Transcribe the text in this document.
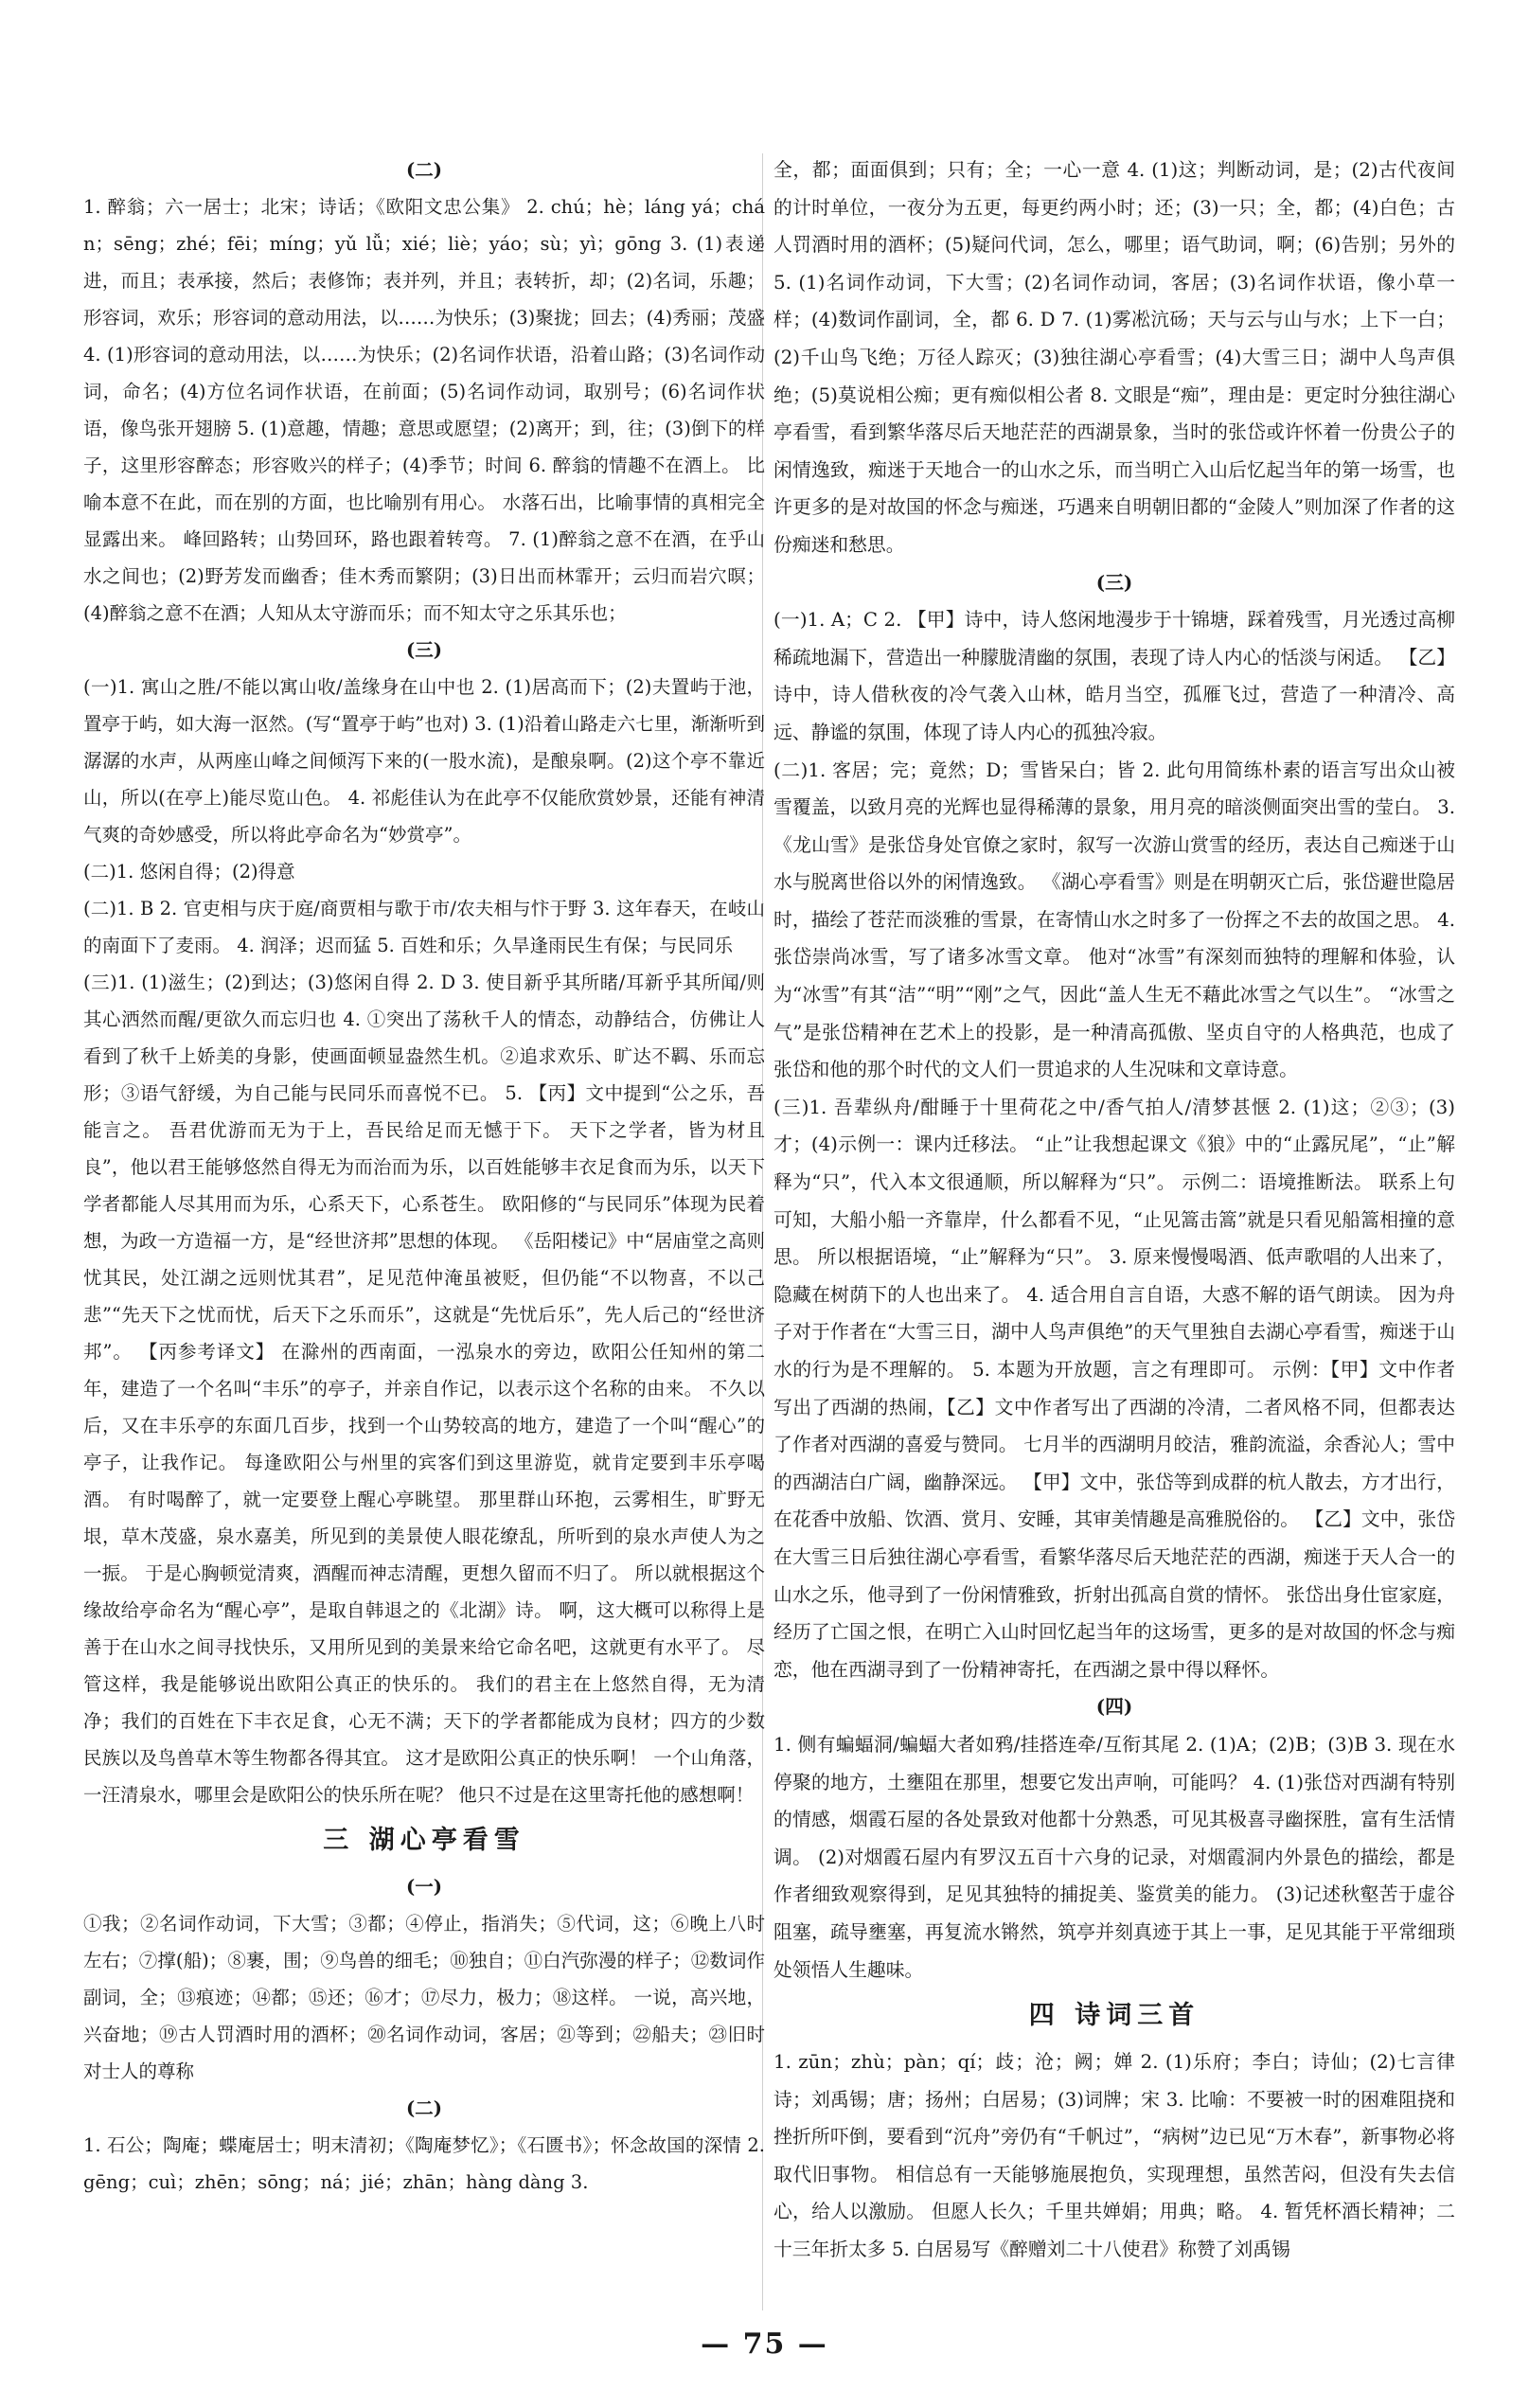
(二)
1. 醉翁；六一居士；北宋；诗话；《欧阳文忠公集》 2. chú；hè；láng yá；chán；sēng；zhé；fēi；míng；yǔ lǚ；xié；liè；yáo；sù；yì；gōng 3. (1)表递进，而且；表承接，然后；表修饰；表并列，并且；表转折，却；(2)名词，乐趣；形容词，欢乐；形容词的意动用法，以……为快乐；(3)聚拢；回去；(4)秀丽；茂盛 4. (1)形容词的意动用法，以……为快乐；(2)名词作状语，沿着山路；(3)名词作动词，命名；(4)方位名词作状语，在前面；(5)名词作动词，取别号；(6)名词作状语，像鸟张开翅膀 5. (1)意趣，情趣；意思或愿望；(2)离开；到，往；(3)倒下的样子，这里形容醉态；形容败兴的样子；(4)季节；时间 6. 醉翁的情趣不在酒上。 比喻本意不在此，而在别的方面，也比喻别有用心。 水落石出，比喻事情的真相完全显露出来。 峰回路转；山势回环，路也跟着转弯。 7. (1)醉翁之意不在酒，在乎山水之间也；(2)野芳发而幽香；佳木秀而繁阴；(3)日出而林霏开；云归而岩穴暝；(4)醉翁之意不在酒；人知从太守游而乐；而不知太守之乐其乐也；
(三)
(一)1. 寓山之胜/不能以寓山收/盖缘身在山中也 2. (1)居高而下；(2)夫置屿于池，置亭于屿，如大海一沤然。(写“置亭于屿”也对) 3. (1)沿着山路走六七里，渐渐听到潺潺的水声，从两座山峰之间倾泻下来的(一股水流)，是酿泉啊。(2)这个亭不靠近山，所以(在亭上)能尽览山色。 4. 祁彪佳认为在此亭不仅能欣赏妙景，还能有神清气爽的奇妙感受，所以将此亭命名为“妙赏亭”。
(二)1. 悠闲自得；(2)得意
(二)1. B 2. 官吏相与庆于庭/商贾相与歌于市/农夫相与忭于野 3. 这年春天，在岐山的南面下了麦雨。 4. 润泽；迟而猛 5. 百姓和乐；久旱逢雨民生有保；与民同乐
(三)1. (1)滋生；(2)到达；(3)悠闲自得 2. D 3. 使目新乎其所睹/耳新乎其所闻/则其心洒然而醒/更欲久而忘归也 4. ①突出了荡秋千人的情态，动静结合，仿佛让人看到了秋千上娇美的身影，使画面顿显盎然生机。②追求欢乐、旷达不羁、乐而忘形；③语气舒缓，为自己能与民同乐而喜悦不已。 5. 【丙】文中提到“公之乐，吾能言之。 吾君优游而无为于上，吾民给足而无憾于下。 天下之学者，皆为材且良”，他以君王能够悠然自得无为而治而为乐，以百姓能够丰衣足食而为乐，以天下学者都能人尽其用而为乐，心系天下，心系苍生。 欧阳修的“与民同乐”体现为民着想，为政一方造福一方，是“经世济邦”思想的体现。 《岳阳楼记》中“居庙堂之高则忧其民，处江湖之远则忧其君”，足见范仲淹虽被贬，但仍能“不以物喜，不以己悲”“先天下之忧而忧，后天下之乐而乐”，这就是“先忧后乐”，先人后己的“经世济邦”。 【丙参考译文】 在滁州的西南面，一泓泉水的旁边，欧阳公任知州的第二年，建造了一个名叫“丰乐”的亭子，并亲自作记，以表示这个名称的由来。 不久以后，又在丰乐亭的东面几百步，找到一个山势较高的地方，建造了一个叫“醒心”的亭子，让我作记。 每逢欧阳公与州里的宾客们到这里游览，就肯定要到丰乐亭喝酒。 有时喝醉了，就一定要登上醒心亭眺望。 那里群山环抱，云雾相生，旷野无垠，草木茂盛，泉水嘉美，所见到的美景使人眼花缭乱，所听到的泉水声使人为之一振。 于是心胸顿觉清爽，酒醒而神志清醒，更想久留而不归了。 所以就根据这个缘故给亭命名为“醒心亭”，是取自韩退之的《北湖》诗。 啊，这大概可以称得上是善于在山水之间寻找快乐，又用所见到的美景来给它命名吧，这就更有水平了。 尽管这样，我是能够说出欧阳公真正的快乐的。 我们的君主在上悠然自得，无为清净；我们的百姓在下丰衣足食，心无不满；天下的学者都能成为良材；四方的少数民族以及鸟兽草木等生物都各得其宜。 这才是欧阳公真正的快乐啊！ 一个山角落，一汪清泉水，哪里会是欧阳公的快乐所在呢？ 他只不过是在这里寄托他的感想啊！
三 湖心亭看雪
(一)
①我；②名词作动词，下大雪；③都；④停止，指消失；⑤代词，这；⑥晚上八时左右；⑦撑(船)；⑧裹，围；⑨鸟兽的细毛；⑩独自；⑪白汽弥漫的样子；⑫数词作副词，全；⑬痕迹；⑭都；⑮还；⑯才；⑰尽力，极力；⑱这样。 一说，高兴地，兴奋地；⑲古人罚酒时用的酒杯；⑳名词作动词，客居；㉑等到；㉒船夫；㉓旧时对士人的尊称
(二)
1. 石公；陶庵；蝶庵居士；明末清初；《陶庵梦忆》；《石匮书》；怀念故国的深情 2. gēng；cuì；zhēn；sōng；ná；jié；zhān；hàng dàng 3.
全，都；面面俱到；只有；全；一心一意 4. (1)这；判断动词，是；(2)古代夜间的计时单位，一夜分为五更，每更约两小时；还；(3)一只；全，都；(4)白色；古人罚酒时用的酒杯；(5)疑问代词，怎么，哪里；语气助词，啊；(6)告别；另外的 5. (1)名词作动词，下大雪；(2)名词作动词，客居；(3)名词作状语，像小草一样；(4)数词作副词，全，都 6. D 7. (1)雾凇沆砀；天与云与山与水；上下一白；(2)千山鸟飞绝；万径人踪灭；(3)独往湖心亭看雪；(4)大雪三日；湖中人鸟声俱绝；(5)莫说相公痴；更有痴似相公者 8. 文眼是“痴”，理由是：更定时分独往湖心亭看雪，看到繁华落尽后天地茫茫的西湖景象，当时的张岱或许怀着一份贵公子的闲情逸致，痴迷于天地合一的山水之乐，而当明亡入山后忆起当年的第一场雪，也许更多的是对故国的怀念与痴迷，巧遇来自明朝旧都的“金陵人”则加深了作者的这份痴迷和愁思。
(三)
(一)1. A；C 2. 【甲】诗中，诗人悠闲地漫步于十锦塘，踩着残雪，月光透过高柳稀疏地漏下，营造出一种朦胧清幽的氛围，表现了诗人内心的恬淡与闲适。 【乙】诗中，诗人借秋夜的冷气袭入山林，皓月当空，孤雁飞过，营造了一种清冷、高远、静谧的氛围，体现了诗人内心的孤独冷寂。
(二)1. 客居；完；竟然；D；雪皆呆白；皆 2. 此句用简练朴素的语言写出众山被雪覆盖，以致月亮的光辉也显得稀薄的景象，用月亮的暗淡侧面突出雪的莹白。 3. 《龙山雪》是张岱身处官僚之家时，叙写一次游山赏雪的经历，表达自己痴迷于山水与脱离世俗以外的闲情逸致。 《湖心亭看雪》则是在明朝灭亡后，张岱避世隐居时，描绘了苍茫而淡雅的雪景，在寄情山水之时多了一份挥之不去的故国之思。 4. 张岱崇尚冰雪，写了诸多冰雪文章。 他对“冰雪”有深刻而独特的理解和体验，认为“冰雪”有其“洁”“明”“刚”之气，因此“盖人生无不藉此冰雪之气以生”。 “冰雪之气”是张岱精神在艺术上的投影，是一种清高孤傲、坚贞自守的人格典范，也成了张岱和他的那个时代的文人们一贯追求的人生况味和文章诗意。
(三)1. 吾辈纵舟/酣睡于十里荷花之中/香气拍人/清梦甚惬 2. (1)这；②③；(3)才；(4)示例一：课内迁移法。 “止”让我想起课文《狼》中的“止露尻尾”，“止”解释为“只”，代入本文很通顺，所以解释为“只”。 示例二：语境推断法。 联系上句可知，大船小船一齐靠岸，什么都看不见，“止见篙击篙”就是只看见船篙相撞的意思。 所以根据语境，“止”解释为“只”。 3. 原来慢慢喝酒、低声歌唱的人出来了，隐藏在树荫下的人也出来了。 4. 适合用自言自语，大惑不解的语气朗读。 因为舟子对于作者在“大雪三日，湖中人鸟声俱绝”的天气里独自去湖心亭看雪，痴迷于山水的行为是不理解的。 5. 本题为开放题，言之有理即可。 示例：【甲】文中作者写出了西湖的热闹，【乙】文中作者写出了西湖的冷清，二者风格不同，但都表达了作者对西湖的喜爱与赞同。 七月半的西湖明月皎洁，雅韵流溢，余香沁人；雪中的西湖洁白广阔，幽静深远。 【甲】文中，张岱等到成群的杭人散去，方才出行，在花香中放船、饮酒、赏月、安睡，其审美情趣是高雅脱俗的。 【乙】文中，张岱在大雪三日后独往湖心亭看雪，看繁华落尽后天地茫茫的西湖，痴迷于天人合一的山水之乐，他寻到了一份闲情雅致，折射出孤高自赏的情怀。 张岱出身仕宦家庭，经历了亡国之恨，在明亡入山时回忆起当年的这场雪，更多的是对故国的怀念与痴恋，他在西湖寻到了一份精神寄托，在西湖之景中得以释怀。
(四)
1. 侧有蝙蝠洞/蝙蝠大者如鸦/挂搭连牵/互衔其尾 2. (1)A；(2)B；(3)B 3. 现在水停聚的地方，土壅阻在那里，想要它发出声响，可能吗？ 4. (1)张岱对西湖有特别的情感，烟霞石屋的各处景致对他都十分熟悉，可见其极喜寻幽探胜，富有生活情调。 (2)对烟霞石屋内有罗汉五百十六身的记录，对烟霞洞内外景色的描绘，都是作者细致观察得到，足见其独特的捕捉美、鉴赏美的能力。 (3)记述秋壑苦于虚谷阻塞，疏导壅塞，再复流水锵然，筑亭并刻真迹于其上一事，足见其能于平常细琐处领悟人生趣味。
四 诗词三首
1. zūn；zhù；pàn；qí；歧；沧；阙；婵 2. (1)乐府；李白；诗仙；(2)七言律诗；刘禹锡；唐；扬州；白居易；(3)词牌；宋 3. 比喻：不要被一时的困难阻挠和挫折所吓倒，要看到“沉舟”旁仍有“千帆过”，“病树”边已见“万木春”，新事物必将取代旧事物。 相信总有一天能够施展抱负，实现理想，虽然苦闷，但没有失去信心，给人以激励。 但愿人长久；千里共婵娟；用典；略。 4. 暂凭杯酒长精神；二十三年折太多 5. 白居易写《醉赠刘二十八使君》称赞了刘禹锡
— 75 —
